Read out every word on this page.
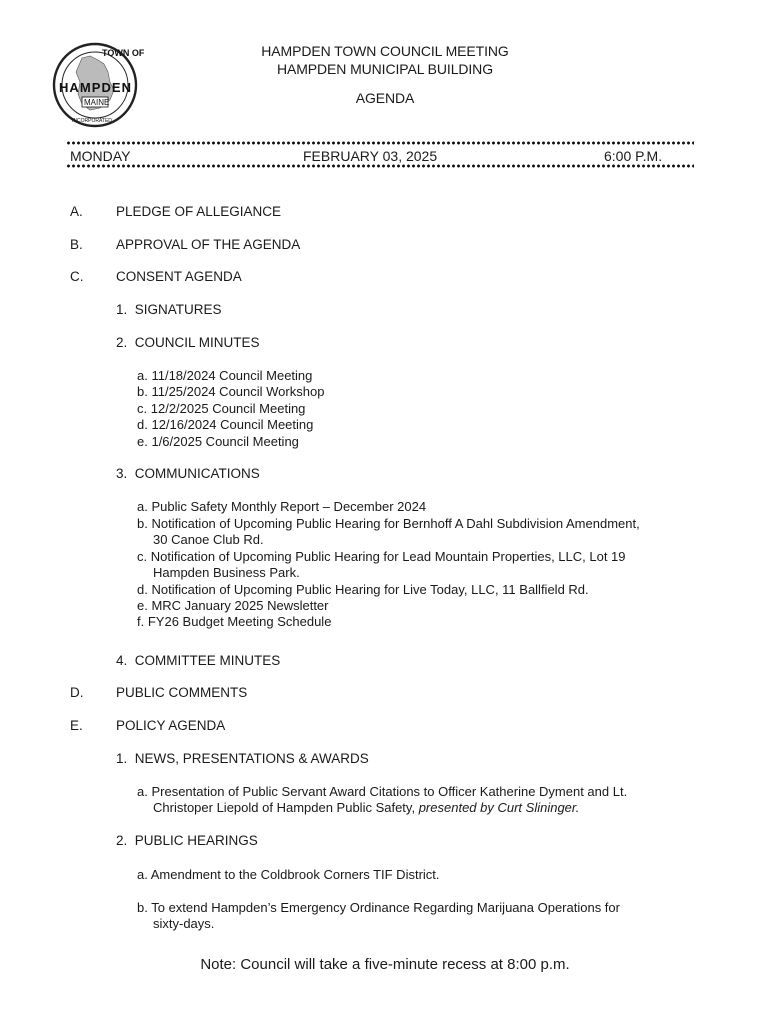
TOWN OF
HAMPDEN
MAINE
INCORPORATED
HAMPDEN TOWN COUNCIL MEETING
HAMPDEN MUNICIPAL BUILDING
AGENDA
MONDAY	FEBRUARY 03, 2025	6:00 P.M.
A. PLEDGE OF ALLEGIANCE
B. APPROVAL OF THE AGENDA
C. CONSENT AGENDA
1. SIGNATURES
2. COUNCIL MINUTES
a. 11/18/2024 Council Meeting
b. 11/25/2024 Council Workshop
c. 12/2/2025 Council Meeting
d. 12/16/2024 Council Meeting
e. 1/6/2025 Council Meeting
3. COMMUNICATIONS
a. Public Safety Monthly Report – December 2024
b. Notification of Upcoming Public Hearing for Bernhoff A Dahl Subdivision Amendment,
30 Canoe Club Rd.
c. Notification of Upcoming Public Hearing for Lead Mountain Properties, LLC, Lot 19
Hampden Business Park.
d. Notification of Upcoming Public Hearing for Live Today, LLC, 11 Ballfield Rd.
e. MRC January 2025 Newsletter
f. FY26 Budget Meeting Schedule
4. COMMITTEE MINUTES
D. PUBLIC COMMENTS
E. POLICY AGENDA
1. NEWS, PRESENTATIONS & AWARDS
a. Presentation of Public Servant Award Citations to Officer Katherine Dyment and Lt.
Christoper Liepold of Hampden Public Safety, presented by Curt Slininger.
2. PUBLIC HEARINGS
a. Amendment to the Coldbrook Corners TIF District.
b. To extend Hampden’s Emergency Ordinance Regarding Marijuana Operations for
sixty-days.
Note: Council will take a five-minute recess at 8:00 p.m.
